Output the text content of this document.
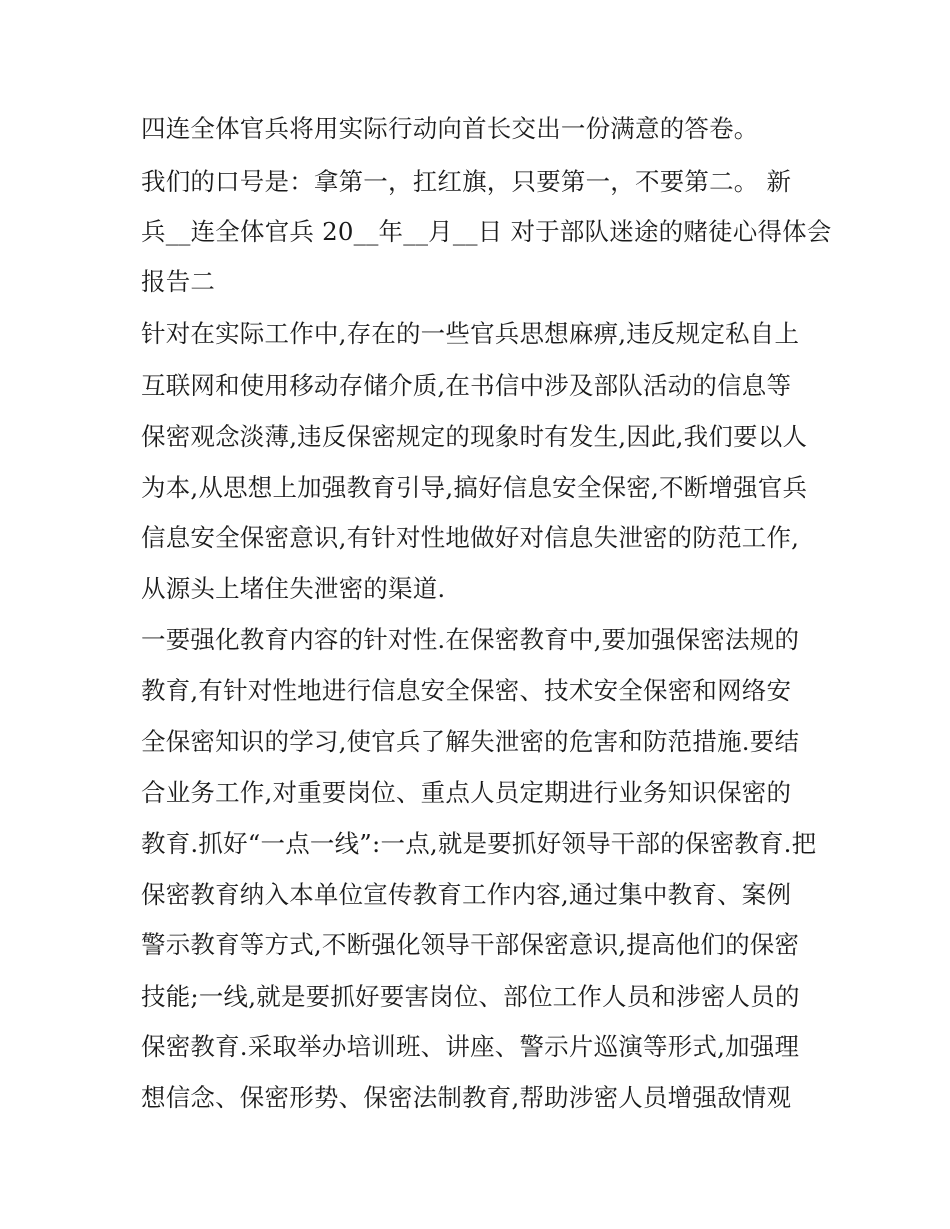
四连全体官兵将用实际行动向首长交出一份满意的答卷。
我们的口号是：拿第一，扛红旗，只要第一，不要第二。 新
兵__连全体官兵 20__年__月__日 对于部队迷途的赌徒心得体会
报告二
针对在实际工作中,存在的一些官兵思想麻痹,违反规定私自上
互联网和使用移动存储介质,在书信中涉及部队活动的信息等
保密观念淡薄,违反保密规定的现象时有发生,因此,我们要以人
为本,从思想上加强教育引导,搞好信息安全保密,不断增强官兵
信息安全保密意识,有针对性地做好对信息失泄密的防范工作,
从源头上堵住失泄密的渠道.
一要强化教育内容的针对性.在保密教育中,要加强保密法规的
教育,有针对性地进行信息安全保密、技术安全保密和网络安
全保密知识的学习,使官兵了解失泄密的危害和防范措施.要结
合业务工作,对重要岗位、重点人员定期进行业务知识保密的
教育.抓好“一点一线”:一点,就是要抓好领导干部的保密教育.把
保密教育纳入本单位宣传教育工作内容,通过集中教育、案例
警示教育等方式,不断强化领导干部保密意识,提高他们的保密
技能;一线,就是要抓好要害岗位、部位工作人员和涉密人员的
保密教育.采取举办培训班、讲座、警示片巡演等形式,加强理
想信念、保密形势、保密法制教育,帮助涉密人员增强敌情观
